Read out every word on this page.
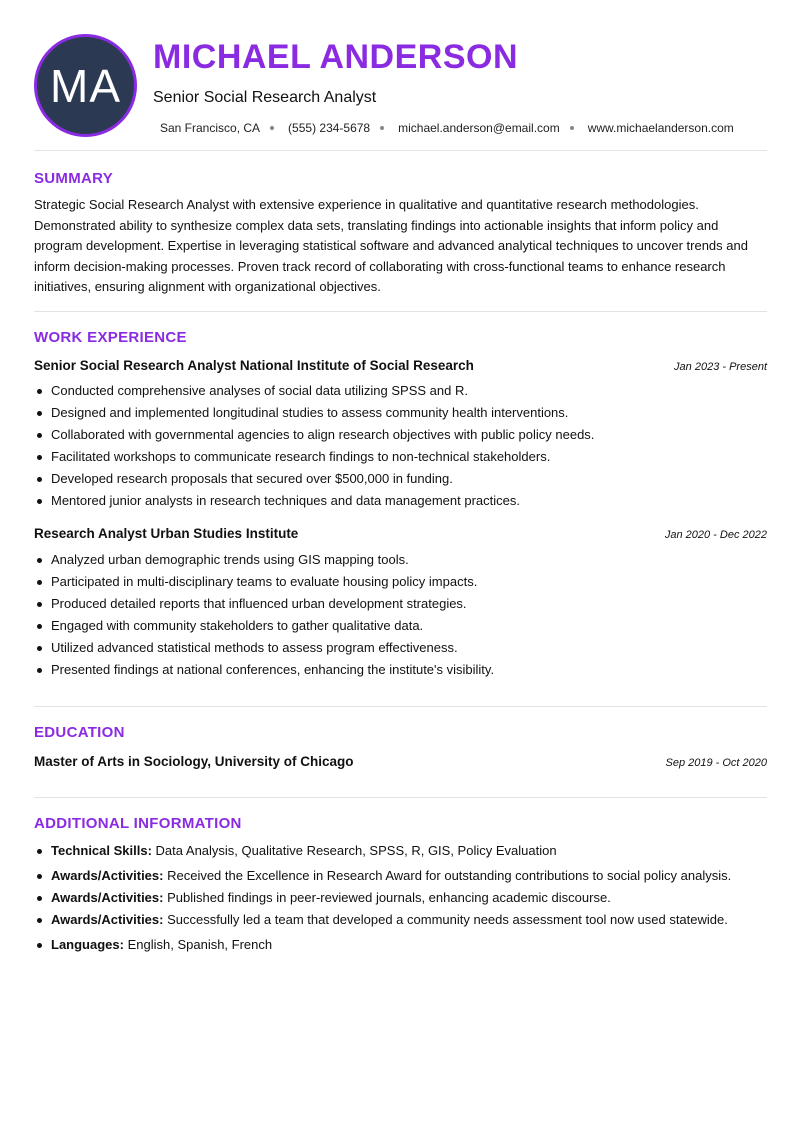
MA
MICHAEL ANDERSON
Senior Social Research Analyst
San Francisco, CA (555) 234-5678 michael.anderson@email.com www.michaelanderson.com
SUMMARY
Strategic Social Research Analyst with extensive experience in qualitative and quantitative research methodologies. Demonstrated ability to synthesize complex data sets, translating findings into actionable insights that inform policy and program development. Expertise in leveraging statistical software and advanced analytical techniques to uncover trends and inform decision-making processes. Proven track record of collaborating with cross-functional teams to enhance research initiatives, ensuring alignment with organizational objectives.
WORK EXPERIENCE
Senior Social Research Analyst National Institute of Social Research	Jan 2023 - Present
Conducted comprehensive analyses of social data utilizing SPSS and R.
Designed and implemented longitudinal studies to assess community health interventions.
Collaborated with governmental agencies to align research objectives with public policy needs.
Facilitated workshops to communicate research findings to non-technical stakeholders.
Developed research proposals that secured over $500,000 in funding.
Mentored junior analysts in research techniques and data management practices.
Research Analyst Urban Studies Institute	Jan 2020 - Dec 2022
Analyzed urban demographic trends using GIS mapping tools.
Participated in multi-disciplinary teams to evaluate housing policy impacts.
Produced detailed reports that influenced urban development strategies.
Engaged with community stakeholders to gather qualitative data.
Utilized advanced statistical methods to assess program effectiveness.
Presented findings at national conferences, enhancing the institute's visibility.
EDUCATION
Master of Arts in Sociology, University of Chicago	Sep 2019 - Oct 2020
ADDITIONAL INFORMATION
Technical Skills: Data Analysis, Qualitative Research, SPSS, R, GIS, Policy Evaluation
Awards/Activities: Received the Excellence in Research Award for outstanding contributions to social policy analysis.
Awards/Activities: Published findings in peer-reviewed journals, enhancing academic discourse.
Awards/Activities: Successfully led a team that developed a community needs assessment tool now used statewide.
Languages: English, Spanish, French
